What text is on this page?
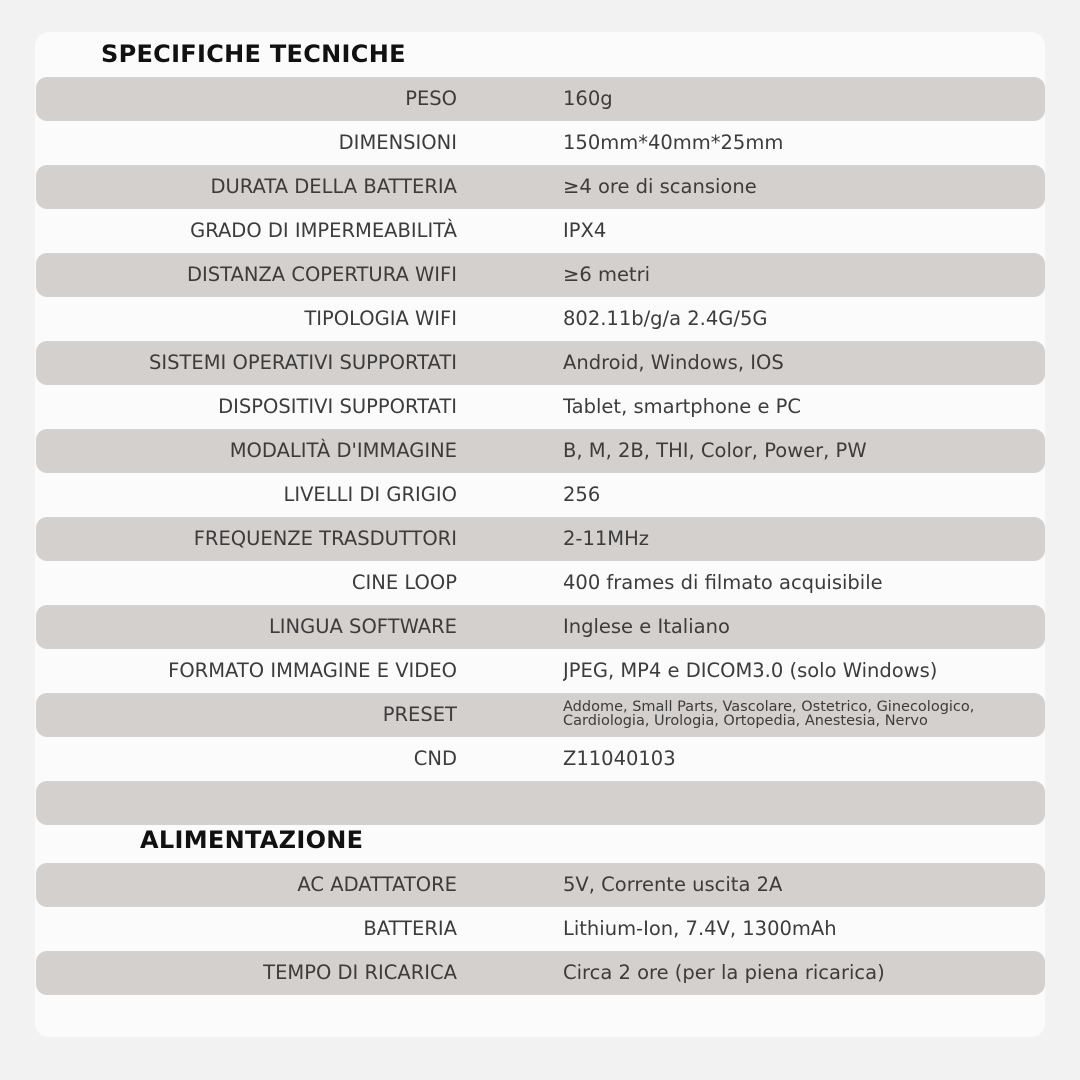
SPECIFICHE TECNICHE
PESO	160g
DIMENSIONI	150mm*40mm*25mm
DURATA DELLA BATTERIA	≥4 ore di scansione
GRADO DI IMPERMEABILITÀ	IPX4
DISTANZA COPERTURA WIFI	≥6 metri
TIPOLOGIA WIFI	802.11b/g/a 2.4G/5G
SISTEMI OPERATIVI SUPPORTATI	Android, Windows, IOS
DISPOSITIVI SUPPORTATI	Tablet, smartphone e PC
MODALITÀ D'IMMAGINE	B, M, 2B, THI, Color, Power, PW
LIVELLI DI GRIGIO	256
FREQUENZE TRASDUTTORI	2-11MHz
CINE LOOP	400 frames di filmato acquisibile
LINGUA SOFTWARE	Inglese e Italiano
FORMATO IMMAGINE E VIDEO	JPEG, MP4 e DICOM3.0 (solo Windows)
PRESET	Addome, Small Parts, Vascolare, Ostetrico, Ginecologico, Cardiologia, Urologia, Ortopedia, Anestesia, Nervo
CND	Z11040103
ALIMENTAZIONE
AC ADATTATORE	5V, Corrente uscita 2A
BATTERIA	Lithium-Ion, 7.4V, 1300mAh
TEMPO DI RICARICA	Circa 2 ore (per la piena ricarica)
